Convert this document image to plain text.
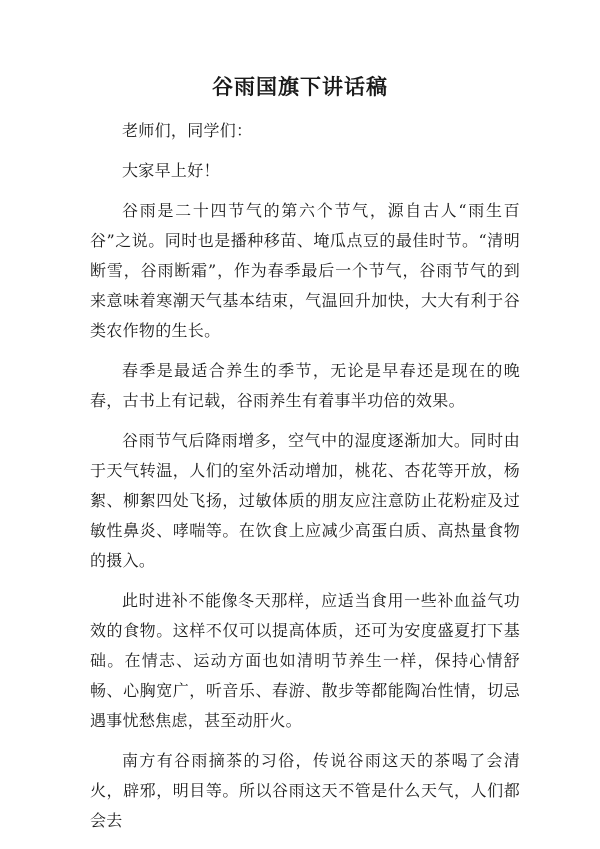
谷雨国旗下讲话稿

老师们，同学们：

大家早上好！

谷雨是二十四节气的第六个节气，源自古人“雨生百谷”之说。同时也是播种移苗、埯瓜点豆的最佳时节。“清明断雪，谷雨断霜”，作为春季最后一个节气，谷雨节气的到来意味着寒潮天气基本结束，气温回升加快，大大有利于谷类农作物的生长。

春季是最适合养生的季节，无论是早春还是现在的晚春，古书上有记载，谷雨养生有着事半功倍的效果。

谷雨节气后降雨增多，空气中的湿度逐渐加大。同时由于天气转温，人们的室外活动增加，桃花、杏花等开放，杨絮、柳絮四处飞扬，过敏体质的朋友应注意防止花粉症及过敏性鼻炎、哮喘等。在饮食上应减少高蛋白质、高热量食物的摄入。

此时进补不能像冬天那样，应适当食用一些补血益气功效的食物。这样不仅可以提高体质，还可为安度盛夏打下基础。在情志、运动方面也如清明节养生一样，保持心情舒畅、心胸宽广，听音乐、春游、散步等都能陶冶性情，切忌遇事忧愁焦虑，甚至动肝火。

南方有谷雨摘茶的习俗，传说谷雨这天的茶喝了会清火，辟邪，明目等。所以谷雨这天不管是什么天气，人们都会去
